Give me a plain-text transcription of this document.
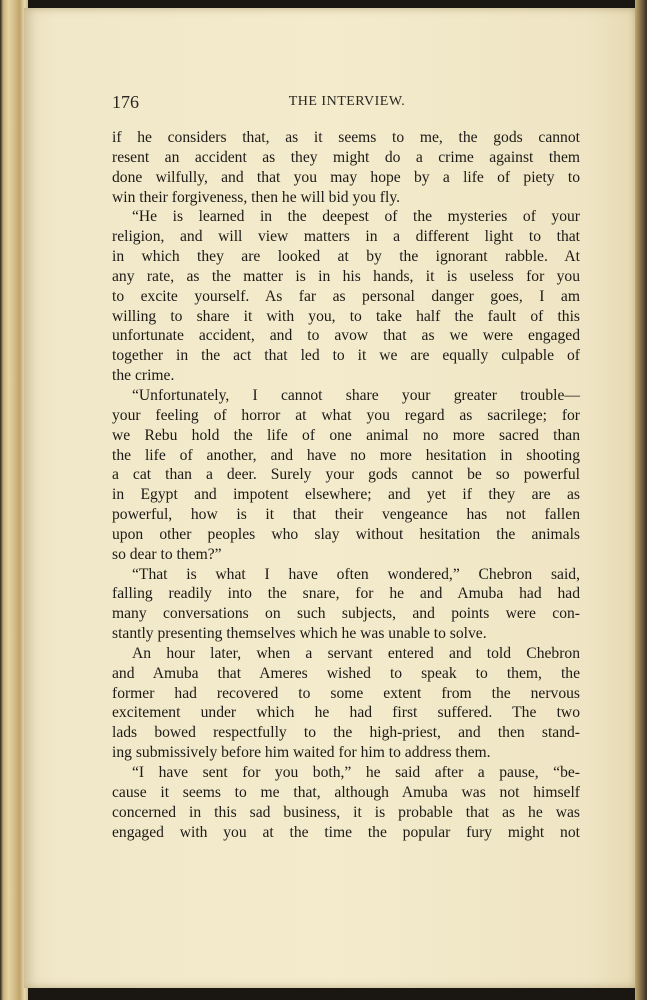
176	THE INTERVIEW.
if he considers that, as it seems to me, the gods cannot
resent an accident as they might do a crime against them
done wilfully, and that you may hope by a life of piety to
win their forgiveness, then he will bid you fly.
“He is learned in the deepest of the mysteries of your
religion, and will view matters in a different light to that
in which they are looked at by the ignorant rabble. At
any rate, as the matter is in his hands, it is useless for you
to excite yourself. As far as personal danger goes, I am
willing to share it with you, to take half the fault of this
unfortunate accident, and to avow that as we were engaged
together in the act that led to it we are equally culpable of
the crime.
“Unfortunately, I cannot share your greater trouble—
your feeling of horror at what you regard as sacrilege; for
we Rebu hold the life of one animal no more sacred than
the life of another, and have no more hesitation in shooting
a cat than a deer. Surely your gods cannot be so powerful
in Egypt and impotent elsewhere; and yet if they are as
powerful, how is it that their vengeance has not fallen
upon other peoples who slay without hesitation the animals
so dear to them?”
“That is what I have often wondered,” Chebron said,
falling readily into the snare, for he and Amuba had had
many conversations on such subjects, and points were con-
stantly presenting themselves which he was unable to solve.
An hour later, when a servant entered and told Chebron
and Amuba that Ameres wished to speak to them, the
former had recovered to some extent from the nervous
excitement under which he had first suffered. The two
lads bowed respectfully to the high-priest, and then stand-
ing submissively before him waited for him to address them.
“I have sent for you both,” he said after a pause, “be-
cause it seems to me that, although Amuba was not himself
concerned in this sad business, it is probable that as he was
engaged with you at the time the popular fury might not
